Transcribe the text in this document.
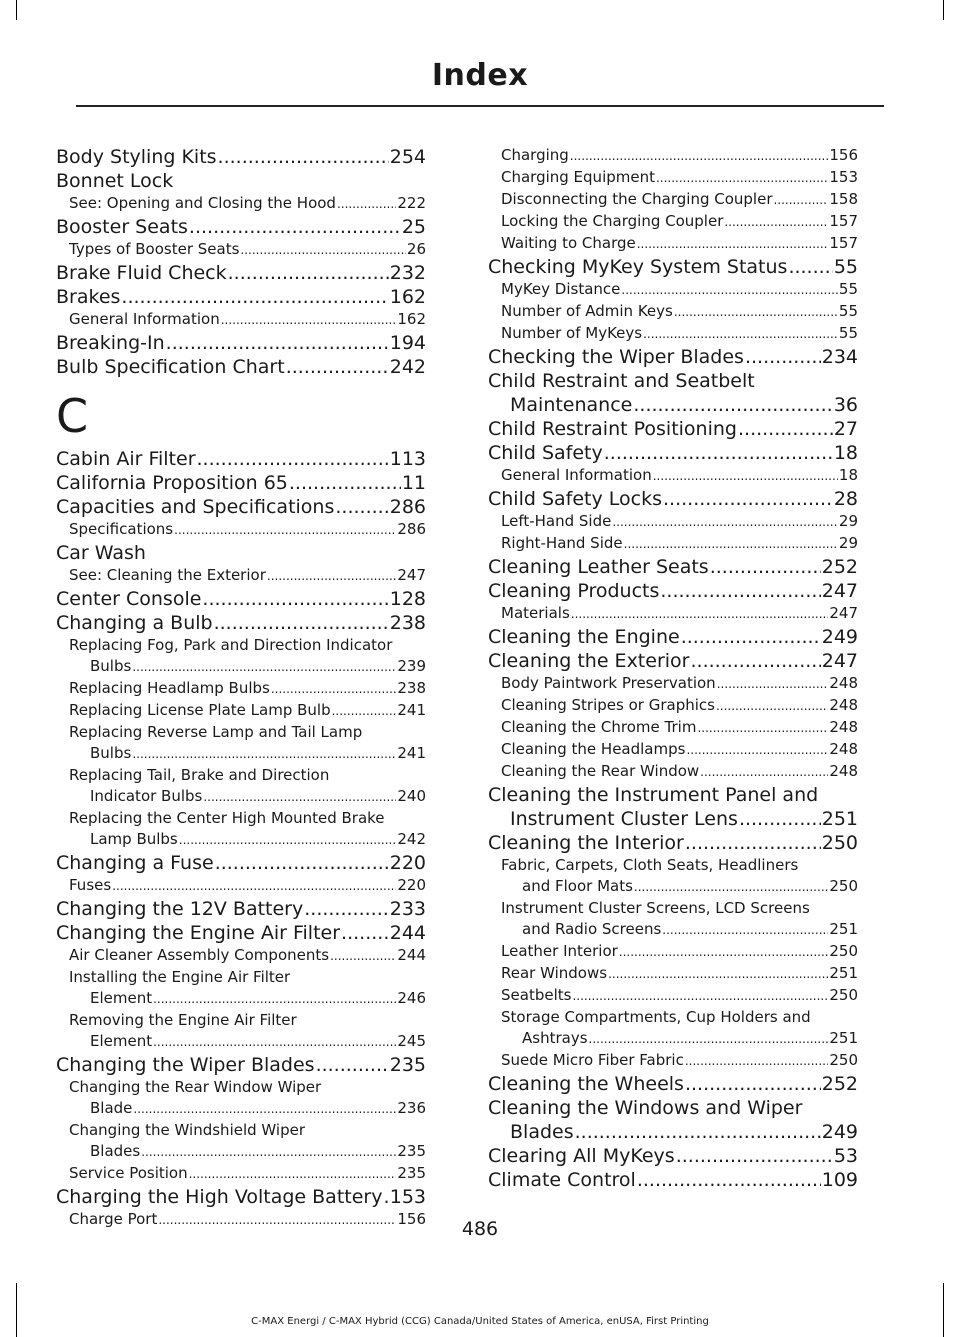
Index
Body Styling Kits .....	254
Bonnet Lock
See: Opening and Closing the Hood .....	222
Booster Seats .....	25
Types of Booster Seats .....	26
Brake Fluid Check .....	232
Brakes .....	162
General Information .....	162
Breaking-In .....	194
Bulb Specification Chart .....	242
C
Cabin Air Filter .....	113
California Proposition 65 .....	11
Capacities and Specifications .....	286
Specifications .....	286
Car Wash
See: Cleaning the Exterior .....	247
Center Console .....	128
Changing a Bulb .....	238
Replacing Fog, Park and Direction Indicator
Bulbs .....	239
Replacing Headlamp Bulbs .....	238
Replacing License Plate Lamp Bulb .....	241
Replacing Reverse Lamp and Tail Lamp
Bulbs .....	241
Replacing Tail, Brake and Direction
Indicator Bulbs .....	240
Replacing the Center High Mounted Brake
Lamp Bulbs .....	242
Changing a Fuse .....	220
Fuses .....	220
Changing the 12V Battery .....	233
Changing the Engine Air Filter .....	244
Air Cleaner Assembly Components .....	244
Installing the Engine Air Filter
Element .....	246
Removing the Engine Air Filter
Element .....	245
Changing the Wiper Blades .....	235
Changing the Rear Window Wiper
Blade .....	236
Changing the Windshield Wiper
Blades .....	235
Service Position .....	235
Charging the High Voltage Battery ..... 153
Charge Port .....	156
Charging .....	156
Charging Equipment .....	153
Disconnecting the Charging Coupler .....	158
Locking the Charging Coupler .....	157
Waiting to Charge .....	157
Checking MyKey System Status ..... 55
MyKey Distance .....	55
Number of Admin Keys .....	55
Number of MyKeys .....	55
Checking the Wiper Blades .....	234
Child Restraint and Seatbelt
Maintenance .....	36
Child Restraint Positioning .....	27
Child Safety .....	18
General Information .....	18
Child Safety Locks .....	28
Left-Hand Side .....	29
Right-Hand Side .....	29
Cleaning Leather Seats .....	252
Cleaning Products .....	247
Materials .....	247
Cleaning the Engine .....	249
Cleaning the Exterior .....	247
Body Paintwork Preservation .....	248
Cleaning Stripes or Graphics .....	248
Cleaning the Chrome Trim .....	248
Cleaning the Headlamps .....	248
Cleaning the Rear Window .....	248
Cleaning the Instrument Panel and
Instrument Cluster Lens .....	251
Cleaning the Interior .....	250
Fabric, Carpets, Cloth Seats, Headliners
and Floor Mats .....	250
Instrument Cluster Screens, LCD Screens
and Radio Screens .....	251
Leather Interior .....	250
Rear Windows .....	251
Seatbelts .....	250
Storage Compartments, Cup Holders and
Ashtrays .....	251
Suede Micro Fiber Fabric .....	250
Cleaning the Wheels .....	252
Cleaning the Windows and Wiper
Blades .....	249
Clearing All MyKeys .....	53
Climate Control .....	109
486
C-MAX Energi / C-MAX Hybrid (CCG) Canada/United States of America, enUSA, First Printing
